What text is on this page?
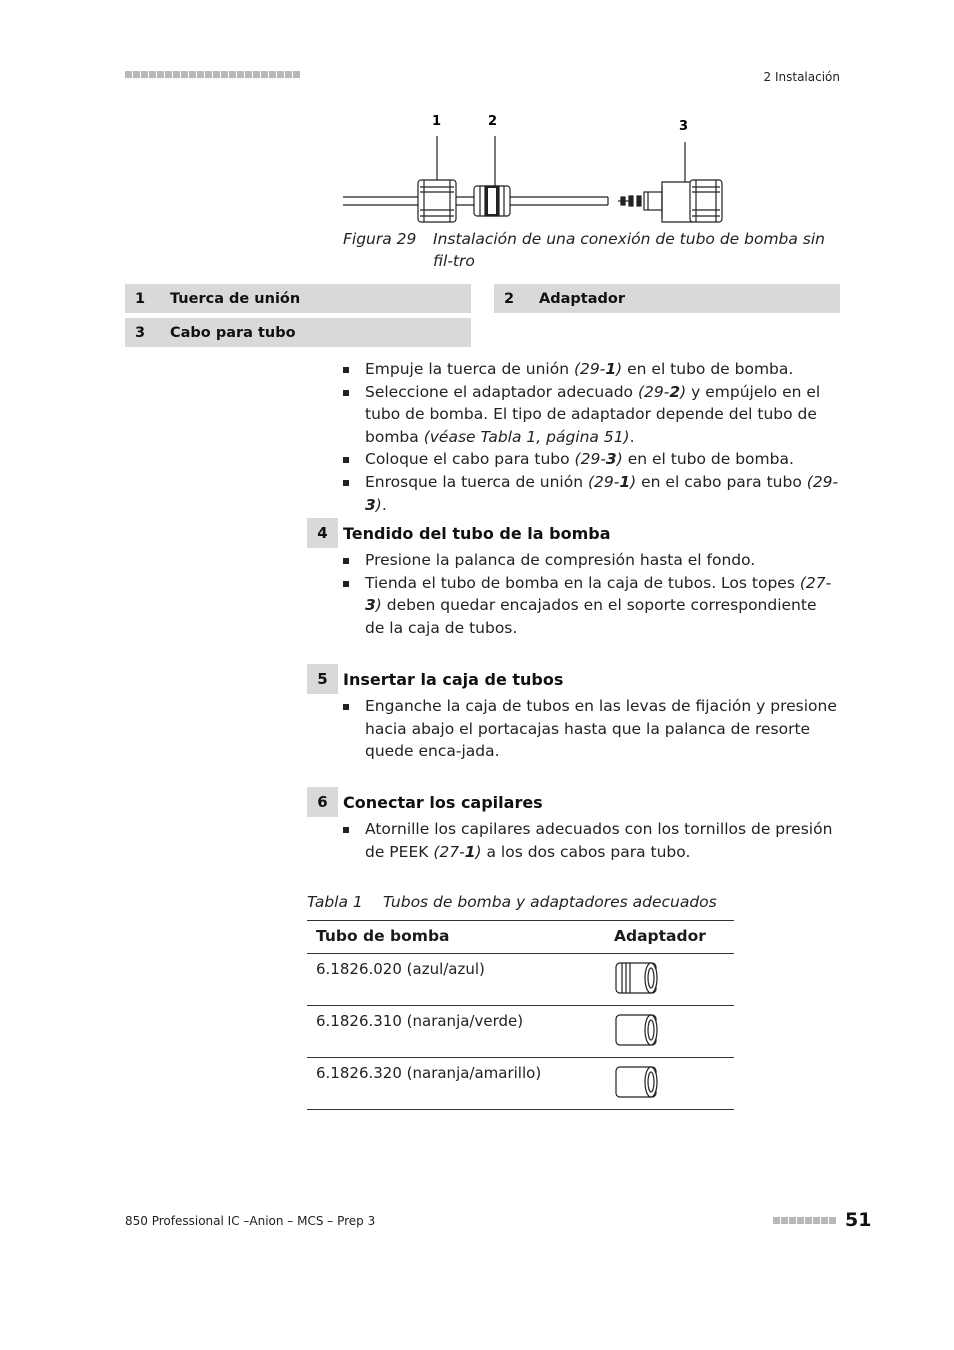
2 Instalación
1	2	3
Figura 29	Instalación de una conexión de tubo de bomba sin fil-tro
1	Tuerca de unión	2	Adaptador
3	Cabo para tubo
Empuje la tuerca de unión (29-1) en el tubo de bomba.
Seleccione el adaptador adecuado (29-2) y empújelo en el tubo de bomba. El tipo de adaptador depende del tubo de bomba (véase Tabla 1, página 51).
Coloque el cabo para tubo (29-3) en el tubo de bomba.
Enrosque la tuerca de unión (29-1) en el cabo para tubo (29-3).
4 Tendido del tubo de la bomba
Presione la palanca de compresión hasta el fondo.
Tienda el tubo de bomba en la caja de tubos. Los topes (27-3) deben quedar encajados en el soporte correspondiente de la caja de tubos.
5 Insertar la caja de tubos
Enganche la caja de tubos en las levas de fijación y presione hacia abajo el portacajas hasta que la palanca de resorte quede enca-jada.
6 Conectar los capilares
Atornille los capilares adecuados con los tornillos de presión de PEEK (27-1) a los dos cabos para tubo.
Tabla 1	Tubos de bomba y adaptadores adecuados
Tubo de bomba	Adaptador
6.1826.020 (azul/azul)
6.1826.310 (naranja/verde)
6.1826.320 (naranja/amarillo)
850 Professional IC –Anion – MCS – Prep 3	51
